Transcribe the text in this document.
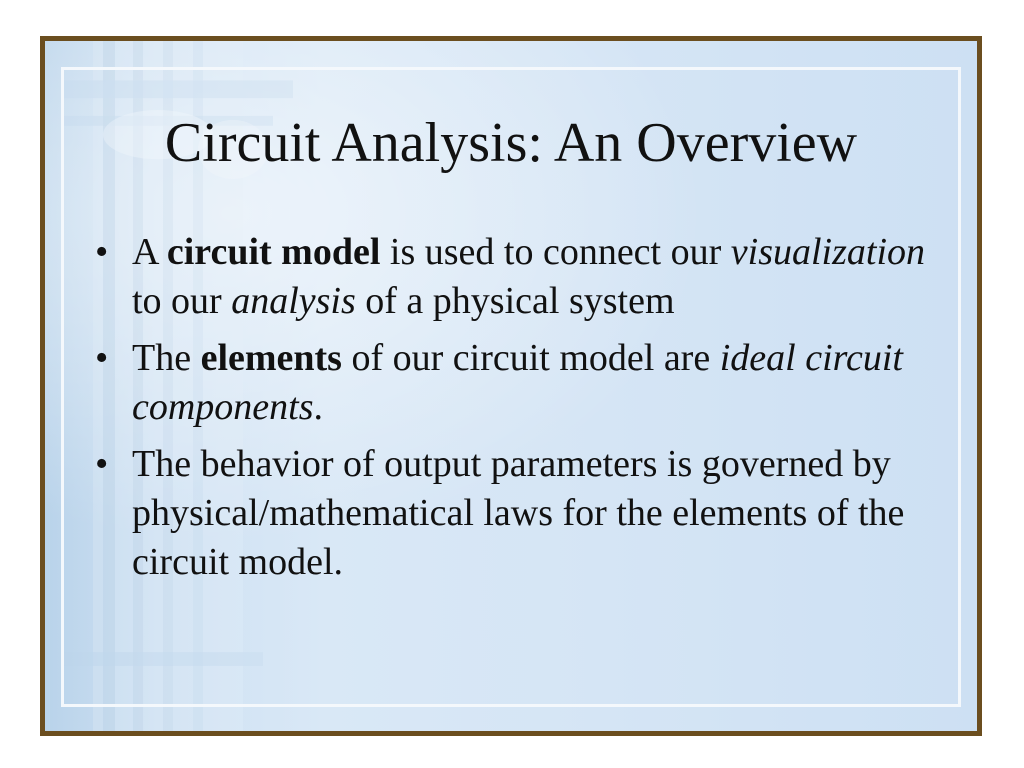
Circuit Analysis: An Overview
• A circuit model is used to connect our visualization to our analysis of a physical system
• The elements of our circuit model are ideal circuit components.
• The behavior of output parameters is governed by physical/mathematical laws for the elements of the circuit model.
